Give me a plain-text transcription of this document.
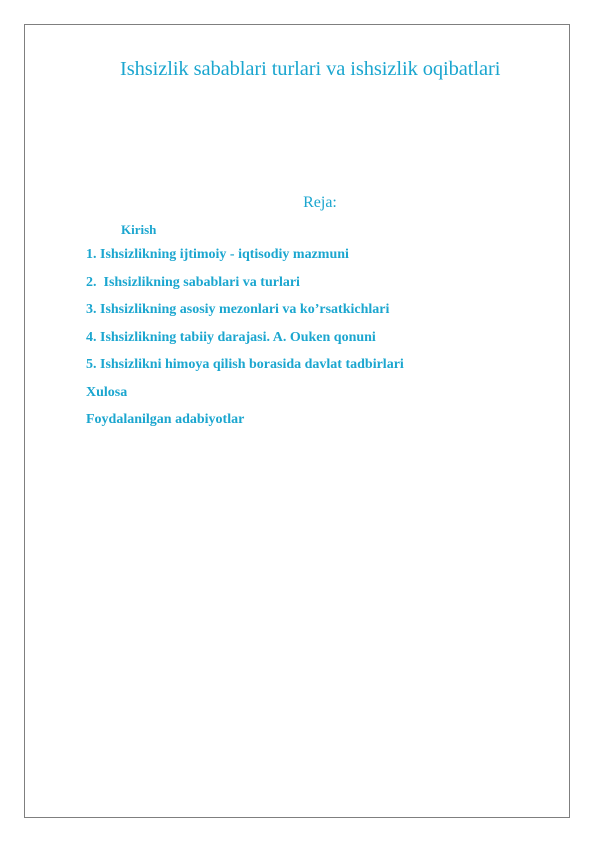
Ishsizlik sabablari turlari va ishsizlik oqibatlari
Reja:
Kirish
1. Ishsizlikning ijtimoiy - iqtisodiy mazmuni
2.  Ishsizlikning sabablari va turlari
3. Ishsizlikning asosiy mezonlari va ko’rsatkichlari
4. Ishsizlikning tabiiy darajasi. A. Ouken qonuni
5. Ishsizlikni himoya qilish borasida davlat tadbirlari
Xulosa
Foydalanilgan adabiyotlar
